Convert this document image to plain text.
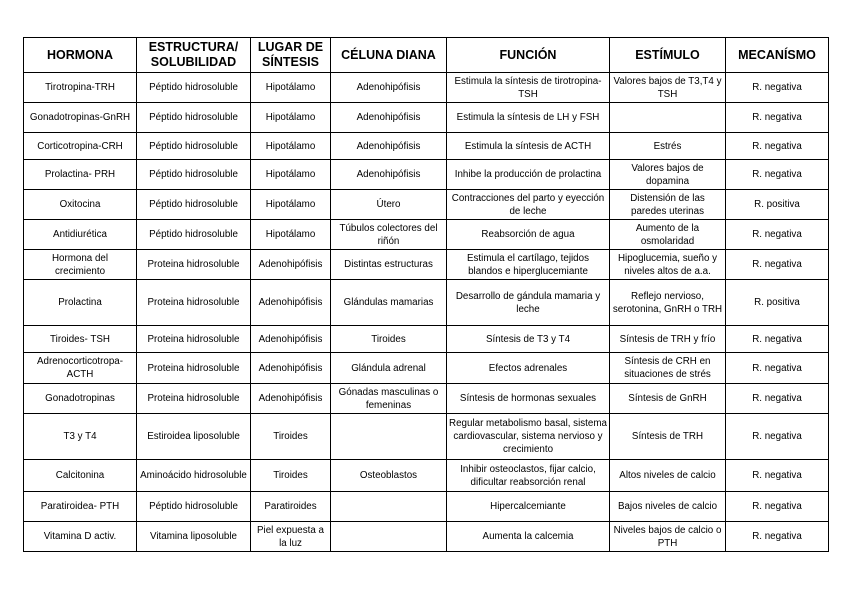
HORMONA	ESTRUCTURA/ SOLUBILIDAD	LUGAR DE SÍNTESIS	CÉLUNA DIANA	FUNCIÓN	ESTÍMULO	MECANÍSMO
Tirotropina-TRH	Péptido hidrosoluble	Hipotálamo	Adenohipófisis	Estimula la síntesis de tirotropina-TSH	Valores bajos de T3,T4 y TSH	R. negativa
Gonadotropinas-GnRH	Péptido hidrosoluble	Hipotálamo	Adenohipófisis	Estimula la síntesis de LH y FSH		R. negativa
Corticotropina-CRH	Péptido hidrosoluble	Hipotálamo	Adenohipófisis	Estimula la síntesis de ACTH	Estrés	R. negativa
Prolactina- PRH	Péptido hidrosoluble	Hipotálamo	Adenohipófisis	Inhibe la producción de prolactina	Valores bajos de dopamina	R. negativa
Oxitocina	Péptido hidrosoluble	Hipotálamo	Útero	Contracciones del parto y eyección de leche	Distensión de las paredes uterinas	R. positiva
Antidiurética	Péptido hidrosoluble	Hipotálamo	Túbulos colectores del riñón	Reabsorción de agua	Aumento de la osmolaridad	R. negativa
Hormona del crecimiento	Proteina hidrosoluble	Adenohipófisis	Distintas estructuras	Estimula el cartílago, tejidos blandos e hiperglucemiante	Hipoglucemia, sueño y niveles altos de a.a.	R. negativa
Prolactina	Proteina hidrosoluble	Adenohipófisis	Glándulas mamarias	Desarrollo de gándula mamaria y leche	Reflejo nervioso, serotonina, GnRH o TRH	R. positiva
Tiroides- TSH	Proteina hidrosoluble	Adenohipófisis	Tiroides	Síntesis de T3 y T4	Síntesis de TRH y frío	R. negativa
Adrenocorticotropa-ACTH	Proteina hidrosoluble	Adenohipófisis	Glándula adrenal	Efectos adrenales	Síntesis de CRH en situaciones de strés	R. negativa
Gonadotropinas	Proteina hidrosoluble	Adenohipófisis	Gónadas masculinas o femeninas	Síntesis de hormonas sexuales	Síntesis de GnRH	R. negativa
T3 y T4	Estiroidea liposoluble	Tiroides		Regular metabolismo basal, sistema cardiovascular, sistema nervioso y crecimiento	Síntesis de TRH	R. negativa
Calcitonina	Aminoácido hidrosoluble	Tiroides	Osteoblastos	Inhibir osteoclastos, fijar calcio, dificultar reabsorción renal	Altos niveles de calcio	R. negativa
Paratiroidea- PTH	Péptido hidrosoluble	Paratiroides		Hipercalcemiante	Bajos niveles de calcio	R. negativa
Vitamina D activ.	Vitamina liposoluble	Piel expuesta a la luz		Aumenta la calcemia	Niveles bajos de calcio o PTH	R. negativa
